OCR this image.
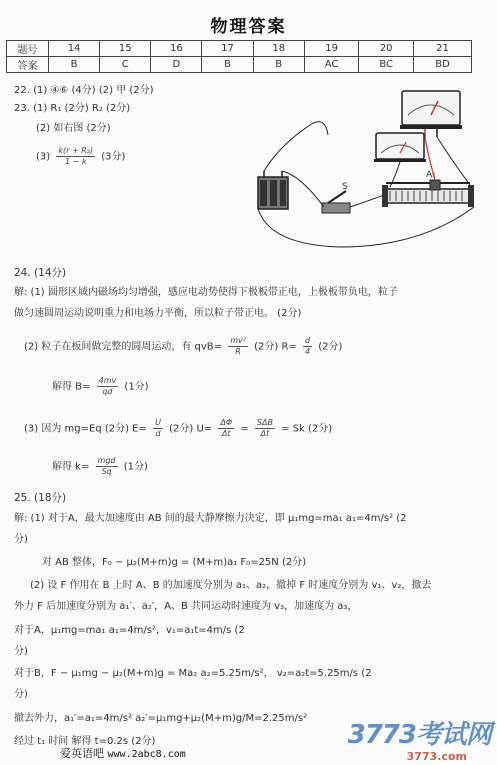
物理答案
题号	14	15	16	17	18	19	20	21
答案	B	C	D	B	B	AC	BC	BD
22. (1) ④⑥ (4分) (2) 甲 (2分)
23. (1) R₁ (2分) R₂ (2分)
(2) 如右图 (2分)
$(3) \frac{\text{k(r + R₂)}}{1 - k} (3$分)
A₁
S
24. (14分)
解: (1) 圆形区域内磁场均匀增强，感应电动势使得下极板带正电，上极板带负电，粒子
做匀速圆周运动说明重力和电场力平衡，所以粒子带正电。 (2分)
(2) 粒子在板间做完整的圆周运动，有 $qvB= \frac{\text{mv²}}{R} (2$分) $R= \frac{d}{4} (2$分)
解得 $B= \frac{4mv}{qd} (1$分)
(3) 因为 mg=Eq (2分) $E= \frac{U}{d} (2$分) $U= \frac{\Delta\Phi}{\Delta t} = \frac{\text{SΔB}}{\Delta t} = Sk$ (2分)
解得 $k= \frac{\text{mgd}}{Sq} (1$分)
25. (18分)
解: (1) 对于A，最大加速度由 AB 间的最大静摩擦力决定，即 μ₁mg=ma₁ a₁=4m/s² (2
分)
对 AB 整体，F₀ − μ₂(M+m)g = (M+m)a₁ F₀=25N (2分)
(2) 设 F 作用在 B 上时 A、B 的加速度分别为 a₁、a₂，撤掉 F 时速度分别为 v₁、v₂，撤去
外力 F 后加速度分别为 a₁′、a₂′，A、B 共同运动时速度为 v₃，加速度为 a₃，
对于A，μ₁mg=ma₁ a₁=4m/s²，v₁=a₁t=4m/s (2
分)
对于B，F − μ₁mg − μ₂(M+m)g = Ma₂ a₂=5.25m/s²， v₂=a₂t=5.25m/s (2
分)
撤去外力，a₁′=a₁=4m/s² a₂′=μ₁mg+μ₂(M+m)g/M=2.25m/s²
经过 t₁ 时间 解得 t=0.2s (2分)	3773考试网
3773.com
爱英语吧 www.2abc8.com
